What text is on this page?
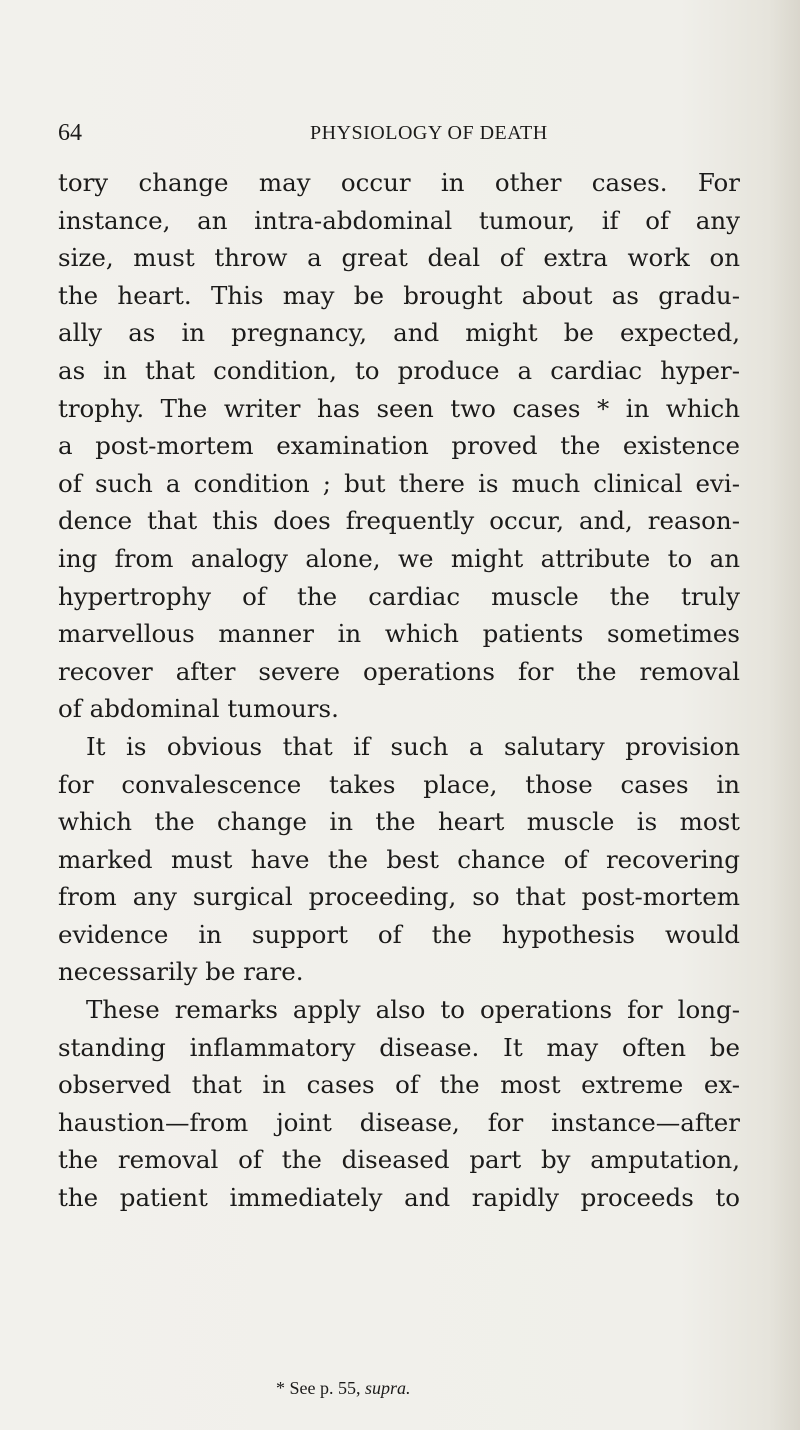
64	PHYSIOLOGY OF DEATH
tory change may occur in other cases. For
instance, an intra-abdominal tumour, if of any
size, must throw a great deal of extra work on
the heart. This may be brought about as gradu-
ally as in pregnancy, and might be expected,
as in that condition, to produce a cardiac hyper-
trophy. The writer has seen two cases * in which
a post-mortem examination proved the existence
of such a condition ; but there is much clinical evi-
dence that this does frequently occur, and, reason-
ing from analogy alone, we might attribute to an
hypertrophy of the cardiac muscle the truly
marvellous manner in which patients sometimes
recover after severe operations for the removal
of abdominal tumours.
It is obvious that if such a salutary provision
for convalescence takes place, those cases in
which the change in the heart muscle is most
marked must have the best chance of recovering
from any surgical proceeding, so that post-mortem
evidence in support of the hypothesis would
necessarily be rare.
These remarks apply also to operations for long-
standing inflammatory disease. It may often be
observed that in cases of the most extreme ex-
haustion—from joint disease, for instance—after
the removal of the diseased part by amputation,
the patient immediately and rapidly proceeds to
* See p. 55, supra.
